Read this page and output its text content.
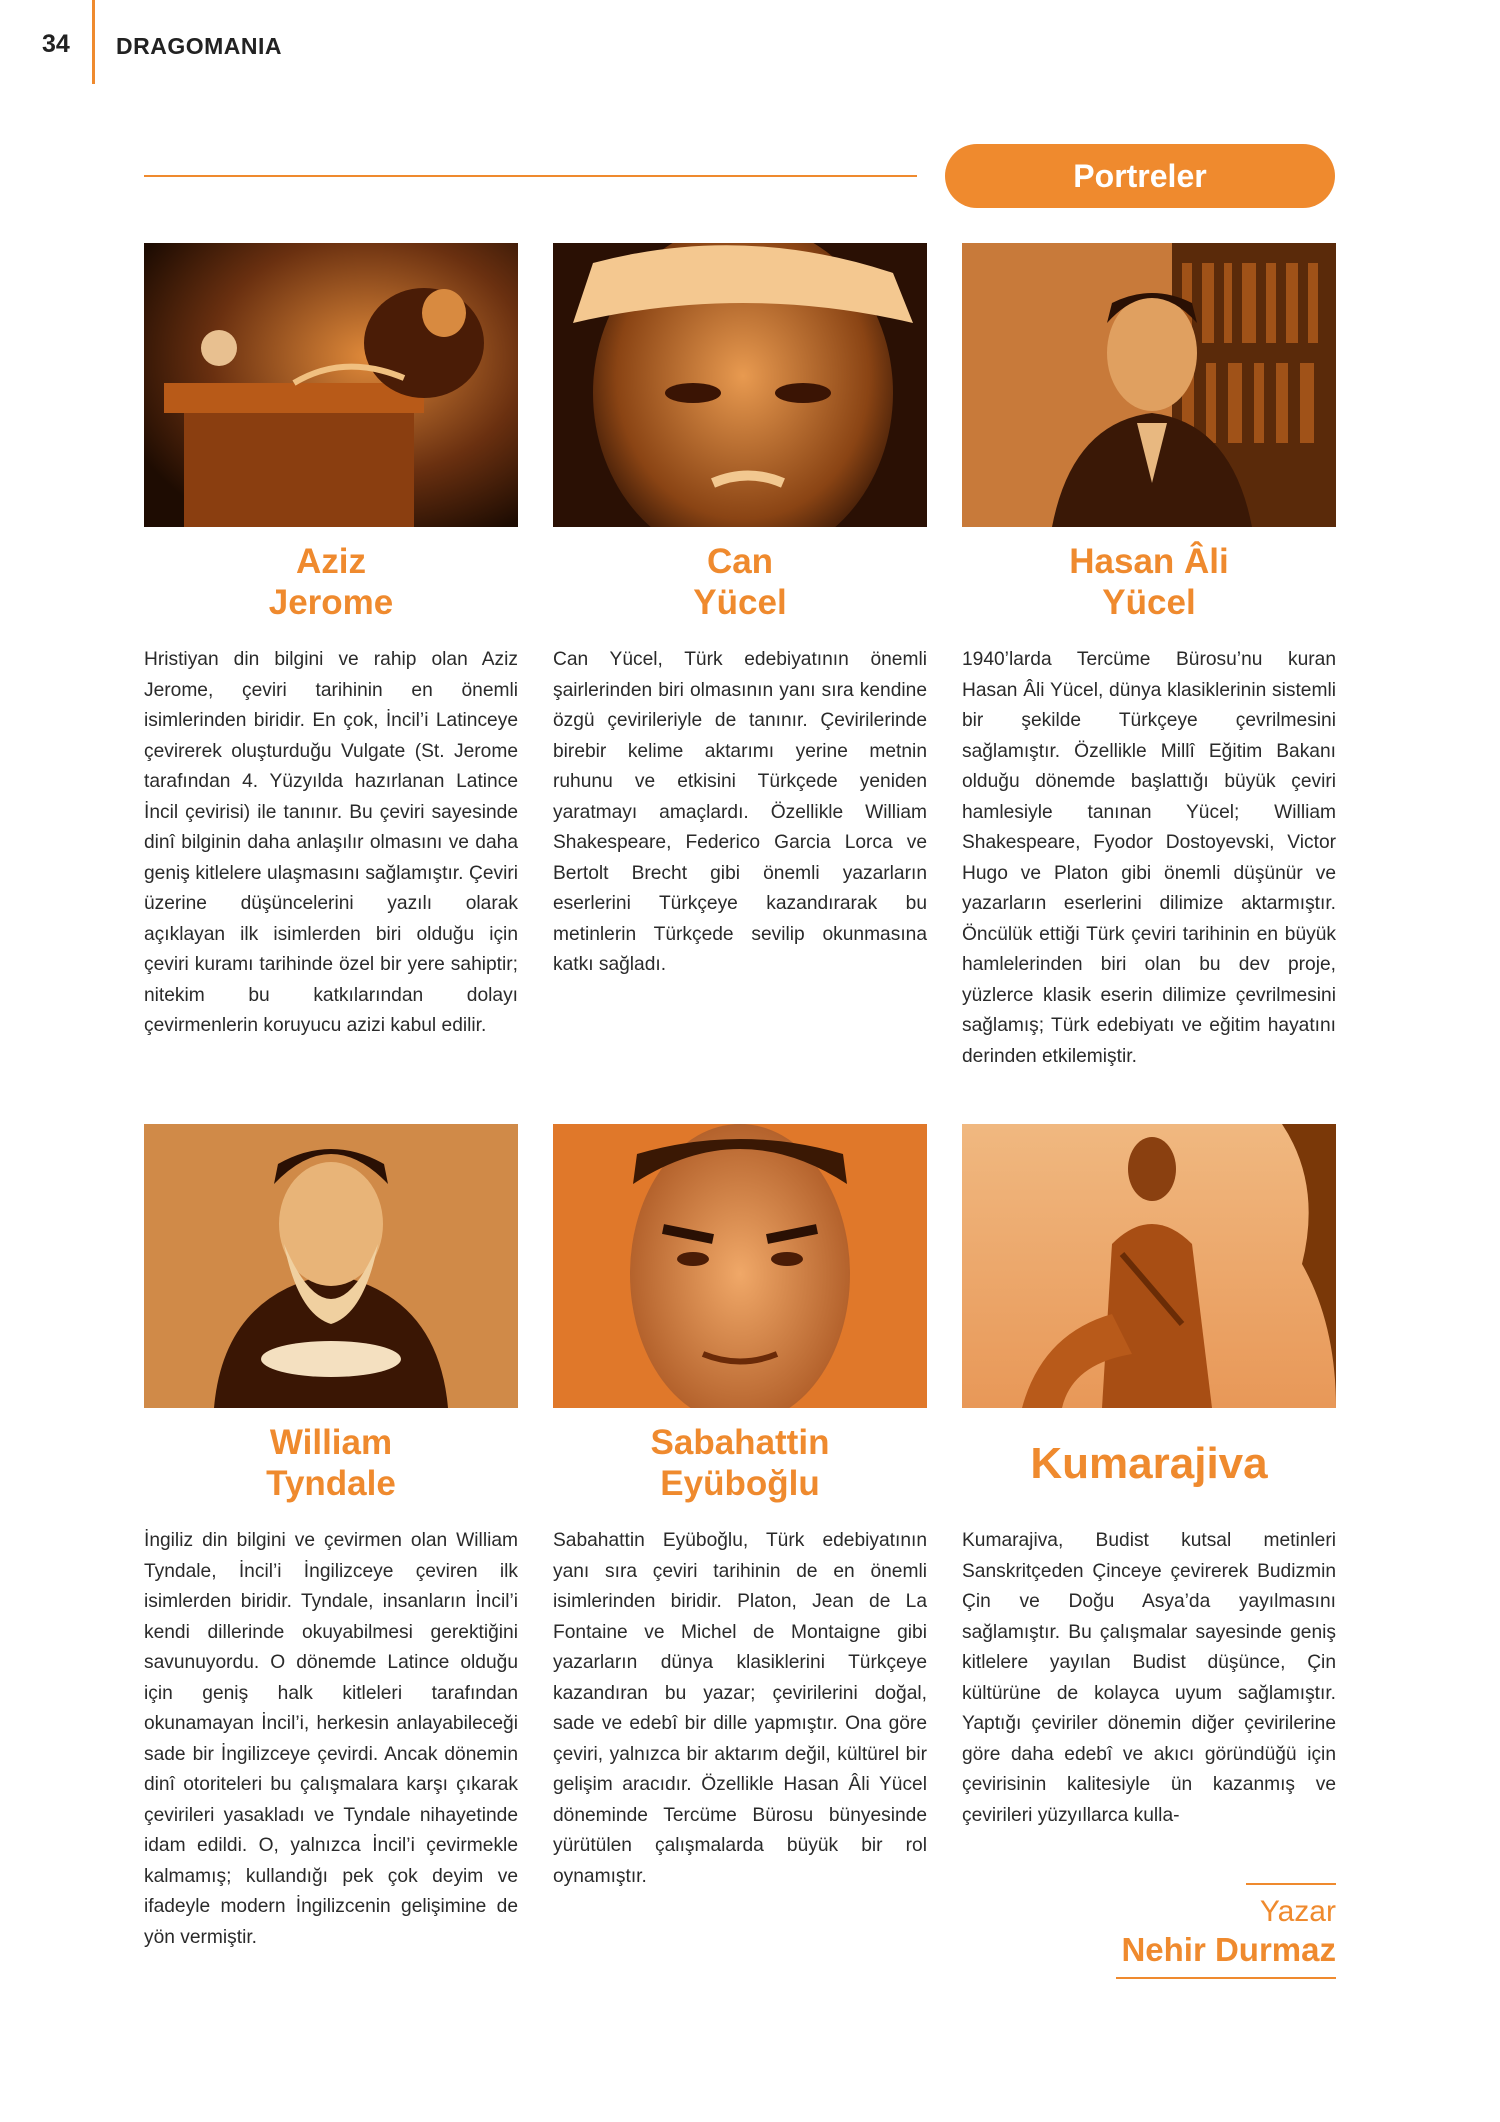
34 DRAGOMANIA
Portreler
Aziz
Jerome
Hristiyan din bilgini ve rahip olan Aziz Jerome, çeviri tarihinin en önemli isimlerinden biridir. En çok, İncil’i Latinceye çevirerek oluşturduğu Vulgate (St. Jerome tarafından 4. Yüzyılda hazırlanan Latince İncil çevirisi) ile tanınır. Bu çeviri sayesinde dinî bilginin daha anlaşılır olmasını ve daha geniş kitlelere ulaşmasını sağlamıştır. Çeviri üzerine düşüncelerini yazılı olarak açıklayan ilk isimlerden biri olduğu için çeviri kuramı tarihinde özel bir yere sahiptir; nitekim bu katkılarından dolayı çevirmenlerin koruyucu azizi kabul edilir.
Can
Yücel
Can Yücel, Türk edebiyatının önemli şairlerinden biri olmasının yanı sıra kendine özgü çevirileriyle de tanınır. Çevirilerinde birebir kelime aktarımı yerine metnin ruhunu ve etkisini Türkçede yeniden yaratmayı amaçlardı. Özellikle William Shakespeare, Federico Garcia Lorca ve Bertolt Brecht gibi önemli yazarların eserlerini Türkçeye kazandırarak bu metinlerin Türkçede sevilip okunmasına katkı sağladı.
Hasan Âli
Yücel
1940’larda Tercüme Bürosu’nu kuran Hasan Âli Yücel, dünya klasiklerinin sistemli bir şekilde Türkçeye çevrilmesini sağlamıştır. Özellikle Millî Eğitim Bakanı olduğu dönemde başlattığı büyük çeviri hamlesiyle tanınan Yücel; William Shakespeare, Fyodor Dostoyevski, Victor Hugo ve Platon gibi önemli düşünür ve yazarların eserlerini dilimize aktarmıştır. Öncülük ettiği Türk çeviri tarihinin en büyük hamlelerinden biri olan bu dev proje, yüzlerce klasik eserin dilimize çevrilmesini sağlamış; Türk edebiyatı ve eğitim hayatını derinden etkilemiştir.
William
Tyndale
İngiliz din bilgini ve çevirmen olan William Tyndale, İncil’i İngilizceye çeviren ilk isimlerden biridir. Tyndale, insanların İncil’i kendi dillerinde okuyabilmesi gerektiğini savunuyordu. O dönemde Latince olduğu için geniş halk kitleleri tarafından okunamayan İncil’i, herkesin anlayabileceği sade bir İngilizceye çevirdi. Ancak dönemin dinî otoriteleri bu çalışmalara karşı çıkarak çevirileri yasakladı ve Tyndale nihayetinde idam edildi. O, yalnızca İncil’i çevirmekle kalmamış; kullandığı pek çok deyim ve ifadeyle modern İngilizcenin gelişimine de yön vermiştir.
Sabahattin
Eyüboğlu
Sabahattin Eyüboğlu, Türk edebiyatının yanı sıra çeviri tarihinin de en önemli isimlerinden biridir. Platon, Jean de La Fontaine ve Michel de Montaigne gibi yazarların dünya klasiklerini Türkçeye kazandıran bu yazar; çevirilerini doğal, sade ve edebî bir dille yapmıştır. Ona göre çeviri, yalnızca bir aktarım değil, kültürel bir gelişim aracıdır. Özellikle Hasan Âli Yücel döneminde Tercüme Bürosu bünyesinde yürütülen çalışmalarda büyük bir rol oynamıştır.
Kumarajiva
Kumarajiva, Budist kutsal metinleri Sanskritçeden Çinceye çevirerek Budizmin Çin ve Doğu Asya’da yayılmasını sağlamıştır. Bu çalışmalar sayesinde geniş kitlelere yayılan Budist düşünce, Çin kültürüne de kolayca uyum sağlamıştır. Yaptığı çeviriler dönemin diğer çevirilerine göre daha edebî ve akıcı göründüğü için çevirisinin kalitesiyle ün kazanmış ve çevirileri yüzyıllarca kulla-
Yazar
Nehir Durmaz
